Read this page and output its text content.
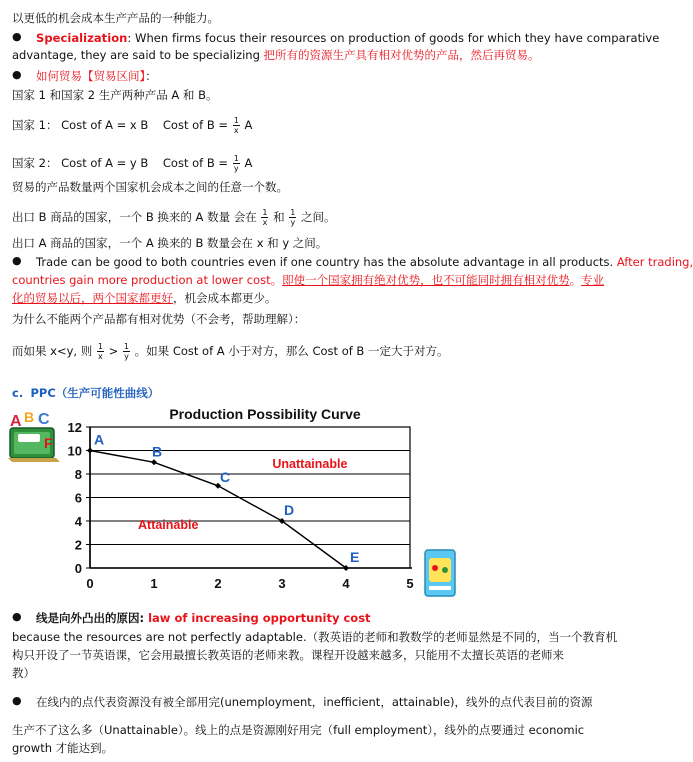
以更低的机会成本生产产品的一种能力。
● Specialization: When firms focus their resources on production of goods for which they have comparative
advantage, they are said to be specializing 把所有的资源生产具有相对优势的产品，然后再贸易。
● 如何贸易【贸易区间】：
国家 1 和国家 2 生产两种产品 A 和 B。
国家 1： Cost of A = x B Cost of $B = \frac{1}{x}$ A
国家 2： Cost of A = y B Cost of $B = \frac{1}{y}$ A
贸易的产品数量两个国家机会成本之间的任意一个数。
出口 B 商品的国家，一个 B 换来的 A 数量 会在 $\frac{1}{x}$ 和 $\frac{1}{y}$ 之间。
出口 A 商品的国家，一个 A 换来的 B 数量会在 x 和 y 之间。
● Trade can be good to both countries even if one country has the absolute advantage in all products. After trading,
countries gain more production at lower cost。即使一个国家拥有绝对优势，也不可能同时拥有相对优势。专业
化的贸易以后，两个国家都更好，机会成本都更少。
为什么不能两个产品都有相对优势（不会考，帮助理解）：
而如果 x<y, 则 $\frac{1}{x} > \frac{1}{y}$ 。如果 Cost of A 小于对方，那么 Cost of B 一定大于对方。
c. PPC（生产可能性曲线）
A B C
F
Production Possibility Curve
0
2
4
6
8
10
12
0	1	2	3	4	5
A
B
C
D
E
Unattainable
Attainable
● 线是向外凸出的原因: law of increasing opportunity cost
because the resources are not perfectly adaptable.（教英语的老师和教数学的老师显然是不同的，当一个教育机
构只开设了一节英语课，它会用最擅长教英语的老师来教。课程开设越来越多，只能用不太擅长英语的老师来
教）
● 在线内的点代表资源没有被全部用完(unemployment，inefficient，attainable)，线外的点代表目前的资源
生产不了这么多（Unattainable）。线上的点是资源刚好用完（full employment），线外的点要通过 economic
growth 才能达到。
